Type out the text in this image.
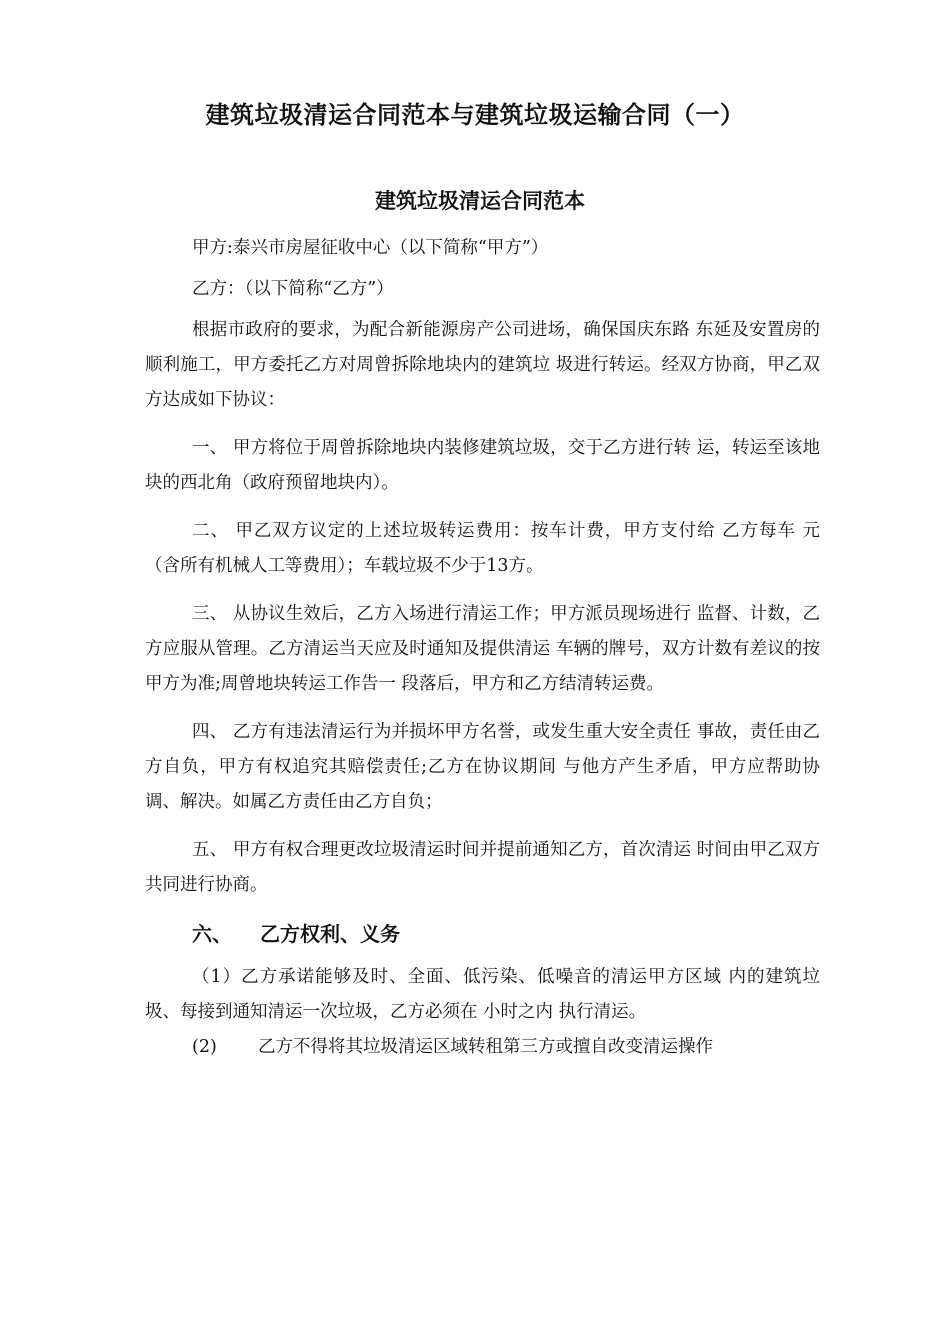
建筑垃圾清运合同范本与建筑垃圾运输合同（一）
建筑垃圾清运合同范本

甲方:泰兴市房屋征收中心（以下简称“甲方”）

乙方：（以下简称“乙方”）

根据市政府的要求，为配合新能源房产公司进场，确保国庆东路 东延及安置房的顺利施工，甲方委托乙方对周曾拆除地块内的建筑垃 圾进行转运。经双方协商，甲乙双方达成如下协议：

一、 甲方将位于周曾拆除地块内装修建筑垃圾，交于乙方进行转 运，转运至该地块的西北角（政府预留地块内）。

二、 甲乙双方议定的上述垃圾转运费用：按车计费，甲方支付给 乙方每车 元（含所有机械人工等费用）；车载垃圾不少于13方。

三、 从协议生效后，乙方入场进行清运工作；甲方派员现场进行 监督、计数，乙方应服从管理。乙方清运当天应及时通知及提供清运 车辆的牌号，双方计数有差议的按甲方为准;周曾地块转运工作告一 段落后，甲方和乙方结清转运费。

四、 乙方有违法清运行为并损坏甲方名誉，或发生重大安全责任 事故，责任由乙方自负，甲方有权追究其赔偿责任;乙方在协议期间 与他方产生矛盾，甲方应帮助协调、解决。如属乙方责任由乙方自负；

五、 甲方有权合理更改垃圾清运时间并提前通知乙方，首次清运 时间由甲乙双方共同进行协商。

六、 乙方权利、义务

（1）乙方承诺能够及时、全面、低污染、低噪音的清运甲方区域 内的建筑垃圾、每接到通知清运一次垃圾，乙方必须在 小时之内 执行清运。

(2) 乙方不得将其垃圾清运区域转租第三方或擅自改变清运操作
